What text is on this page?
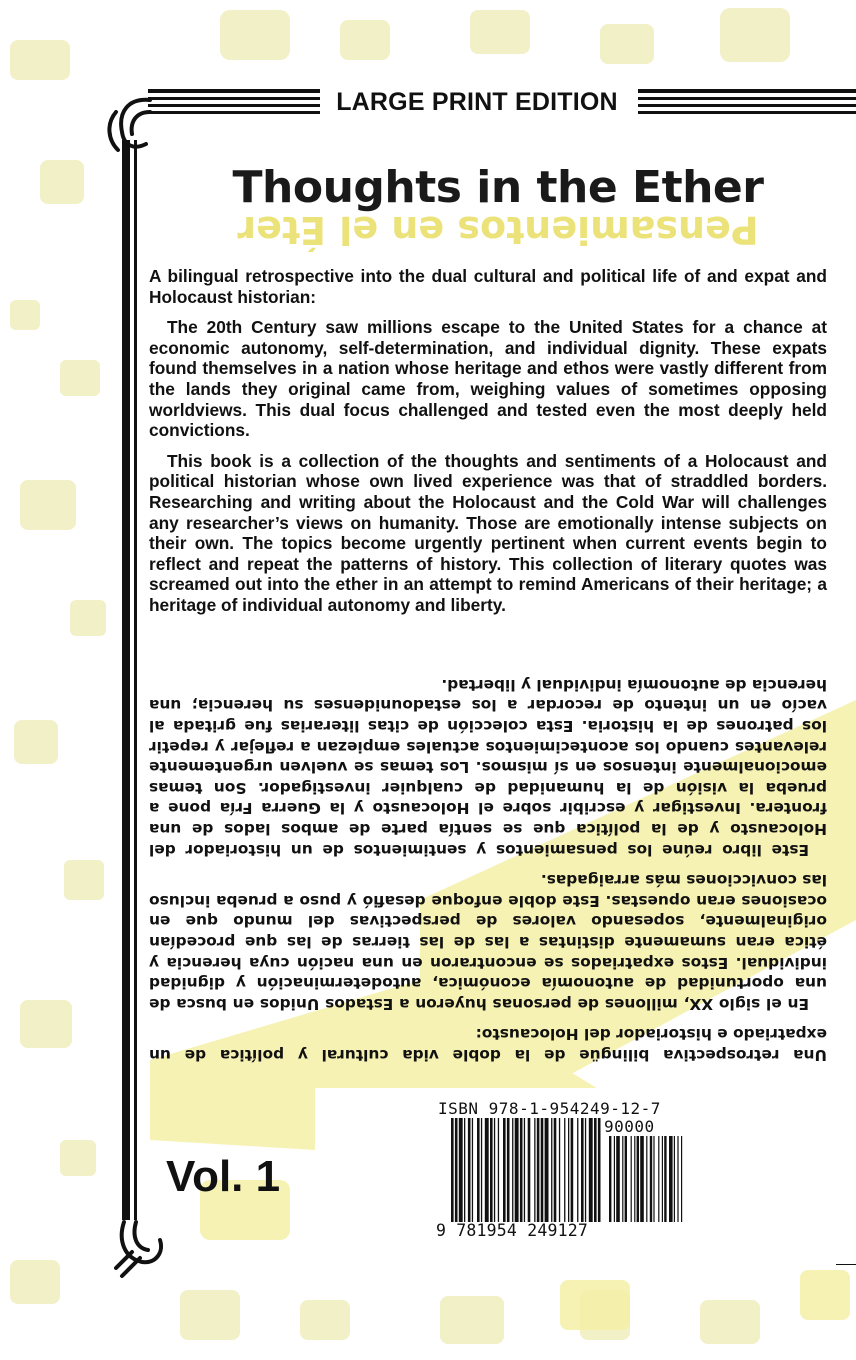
LARGE PRINT EDITION
Thoughts in the Ether
Pensamientos en el Éter

A bilingual retrospective into the dual cultural and political life of and expat and Holocaust historian:

The 20th Century saw millions escape to the United States for a chance at economic autonomy, self-determination, and individual dignity. These expats found themselves in a nation whose heritage and ethos were vastly different from the lands they original came from, weighing values of sometimes opposing worldviews. This dual focus challenged and tested even the most deeply held convictions.

This book is a collection of the thoughts and sentiments of a Holocaust and political historian whose own lived experience was that of straddled borders. Researching and writing about the Holocaust and the Cold War will challenges any researcher’s views on humanity. Those are emotionally intense subjects on their own. The topics become urgently pertinent when current events begin to reflect and repeat the patterns of history. This collection of literary quotes was screamed out into the ether in an attempt to remind Americans of their heritage; a heritage of individual autonomy and liberty.

Una retrospectiva bilingüe de la doble vida cultural y política de un expatriado e historiador del Holocausto:

En el siglo XX, millones de personas huyeron a Estados Unidos en busca de una oportunidad de autonomía económica, autodeterminación y dignidad individual. Estos expatriados se encontraron en una nación cuya herencia y ética eran sumamente distintas a las de las tierras de las que procedían originalmente, sopesando valores de perspectivas del mundo que en ocasiones eran opuestas. Este doble enfoque desafió y puso a prueba incluso las convicciones más arraigadas.

Este libro reúne los pensamientos y sentimientos de un historiador del Holocausto y de la política que se sentía parte de ambos lados de una frontera. Investigar y escribir sobre el Holocausto y la Guerra Fría pone a prueba la visión de la humanidad de cualquier investigador. Son temas emocionalmente intensos en sí mismos. Los temas se vuelven urgentemente relevantes cuando los acontecimientos actuales empiezan a reflejar y repetir los patrones de la historia. Esta colección de citas literarias fue gritada al vacío en un intento de recordar a los estadounidenses su herencia; una herencia de autonomía individual y libertad.

Vol. 1
ISBN 978-1-954249-12-7
90000
9 781954 249127
